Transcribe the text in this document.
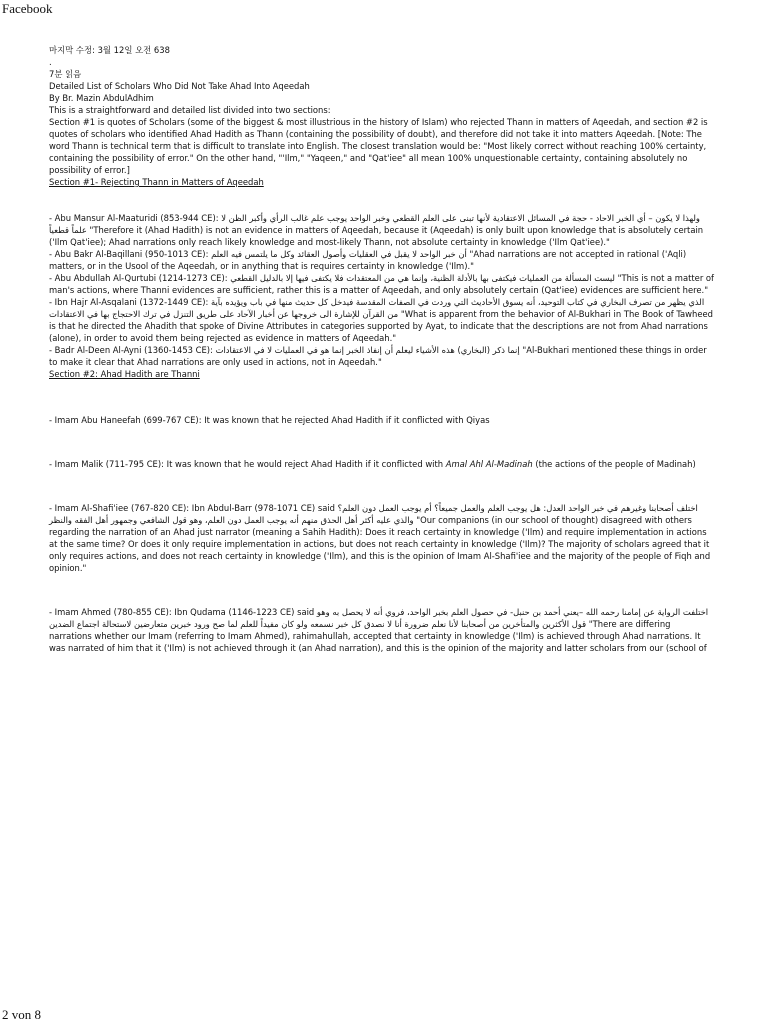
Facebook

마지막 수정: 3월 12일 오전 638

.

7분 읽음

Detailed List of Scholars Who Did Not Take Ahad Into Aqeedah

By Br. Mazin AbdulAdhim

This is a straightforward and detailed list divided into two sections:

Section #1 is quotes of Scholars (some of the biggest & most illustrious in the history of Islam) who rejected Thann in matters of Aqeedah, and section #2 is quotes of scholars who identified Ahad Hadith as Thann (containing the possibility of doubt), and therefore did not take it into matters Aqeedah. [Note: The word Thann is technical term that is difficult to translate into English. The closest translation would be: "Most likely correct without reaching 100% certainty, containing the possibility of error." On the other hand, "'Ilm," "Yaqeen," and "Qat'iee" all mean 100% unquestionable certainty, containing absolutely no possibility of error.]

Section #1- Rejecting Thann in Matters of Aqeedah

- Abu Mansur Al-Maaturidi (853-944 CE): ولهذا لا يكون – أي الخبر الاحاد - حجة في المسائل الاعتقادية لأنها تبنى على العلم القطعي وخبر الواحد يوجب علم غالب الرأي وأكبر الظن لا علماً قطعياً "Therefore it (Ahad Hadith) is not an evidence in matters of Aqeedah, because it (Aqeedah) is only built upon knowledge that is absolutely certain ('Ilm Qat'iee); Ahad narrations only reach likely knowledge and most-likely Thann, not absolute certainty in knowledge ('Ilm Qat'iee)."

- Abu Bakr Al-Baqillani (950-1013 CE): أن خبر الواحد لا يقبل في العقليات وأصول العقائد وكل ما يلتمس فيه العلم "Ahad narrations are not accepted in rational ('Aqli) matters, or in the Usool of the Aqeedah, or in anything that is requires certainty in knowledge ('Ilm)."

- Abu Abdullah Al-Qurtubi (1214-1273 CE): ليست المسألة من العمليات فيكتفى بها بالأدلة الظنية، وإنما هي من المعتقدات فلا يكتفى فيها إلا بالدليل القطعي "This is not a matter of man's actions, where Thanni evidences are sufficient, rather this is a matter of Aqeedah, and only absolutely certain (Qat'iee) evidences are sufficient here."

- Ibn Hajr Al-Asqalani (1372-1449 CE): الذي يظهر من تصرف البخاري في كتاب التوحيد، أنه يسوق الأحاديث التي وردت في الصفات المقدسة فيدخل كل حديث منها في باب ويؤيده بآية من القرآن للإشارة الى خروجها عن أخبار الآحاد على طريق التنزل في ترك الاحتجاج بها في الاعتقادات "What is apparent from the behavior of Al-Bukhari in The Book of Tawheed is that he directed the Ahadith that spoke of Divine Attributes in categories supported by Ayat, to indicate that the descriptions are not from Ahad narrations (alone), in order to avoid them being rejected as evidence in matters of Aqeedah."

- Badr Al-Deen Al-Ayni (1360-1453 CE): إنما ذكر (البخاري) هذه الأشياء ليعلم أن إنفاذ الخبر إنما هو في العمليات لا في الاعتقادات "Al-Bukhari mentioned these things in order to make it clear that Ahad narrations are only used in actions, not in Aqeedah."

Section #2: Ahad Hadith are Thanni

- Imam Abu Haneefah (699-767 CE): It was known that he rejected Ahad Hadith if it conflicted with Qiyas

- Imam Malik (711-795 CE): It was known that he would reject Ahad Hadith if it conflicted with Amal Ahl Al-Madinah (the actions of the people of Madinah)

- Imam Al-Shafi'iee (767-820 CE): Ibn Abdul-Barr (978-1071 CE) said اختلف أصحابنا وغيرهم في خبر الواحد العدل: هل يوجب العلم والعمل جميعاً؟ أم يوجب العمل دون العلم؟ والذي عليه أكثر أهل الحذق منهم أنه يوجب العمل دون العلم، وهو قول الشافعي وجمهور أهل الفقه والنظر "Our companions (in our school of thought) disagreed with others regarding the narration of an Ahad just narrator (meaning a Sahih Hadith): Does it reach certainty in knowledge ('Ilm) and require implementation in actions at the same time? Or does it only require implementation in actions, but does not reach certainty in knowledge ('Ilm)? The majority of scholars agreed that it only requires actions, and does not reach certainty in knowledge ('Ilm), and this is the opinion of Imam Al-Shafi'iee and the majority of the people of Fiqh and opinion."

- Imam Ahmed (780-855 CE): Ibn Qudama (1146-1223 CE) said اختلفت الرواية عن إمامنا رحمه الله –يعني أحمد بن حنبل- في حصول العلم بخبر الواحد، فروي أنه لا يحصل به وهو قول الأكثرين والمتأخرين من أصحابنا لأنا نعلم ضرورة أنا لا نصدق كل خبر نسمعه ولو كان مفيداً للعلم لما صح ورود خبرين متعارضين لاستحالة اجتماع الضدين "There are differing narrations whether our Imam (referring to Imam Ahmed), rahimahullah, accepted that certainty in knowledge ('Ilm) is achieved through Ahad narrations. It was narrated of him that it ('Ilm) is not achieved through it (an Ahad narration), and this is the opinion of the majority and latter scholars from our (school of

2 von 8
